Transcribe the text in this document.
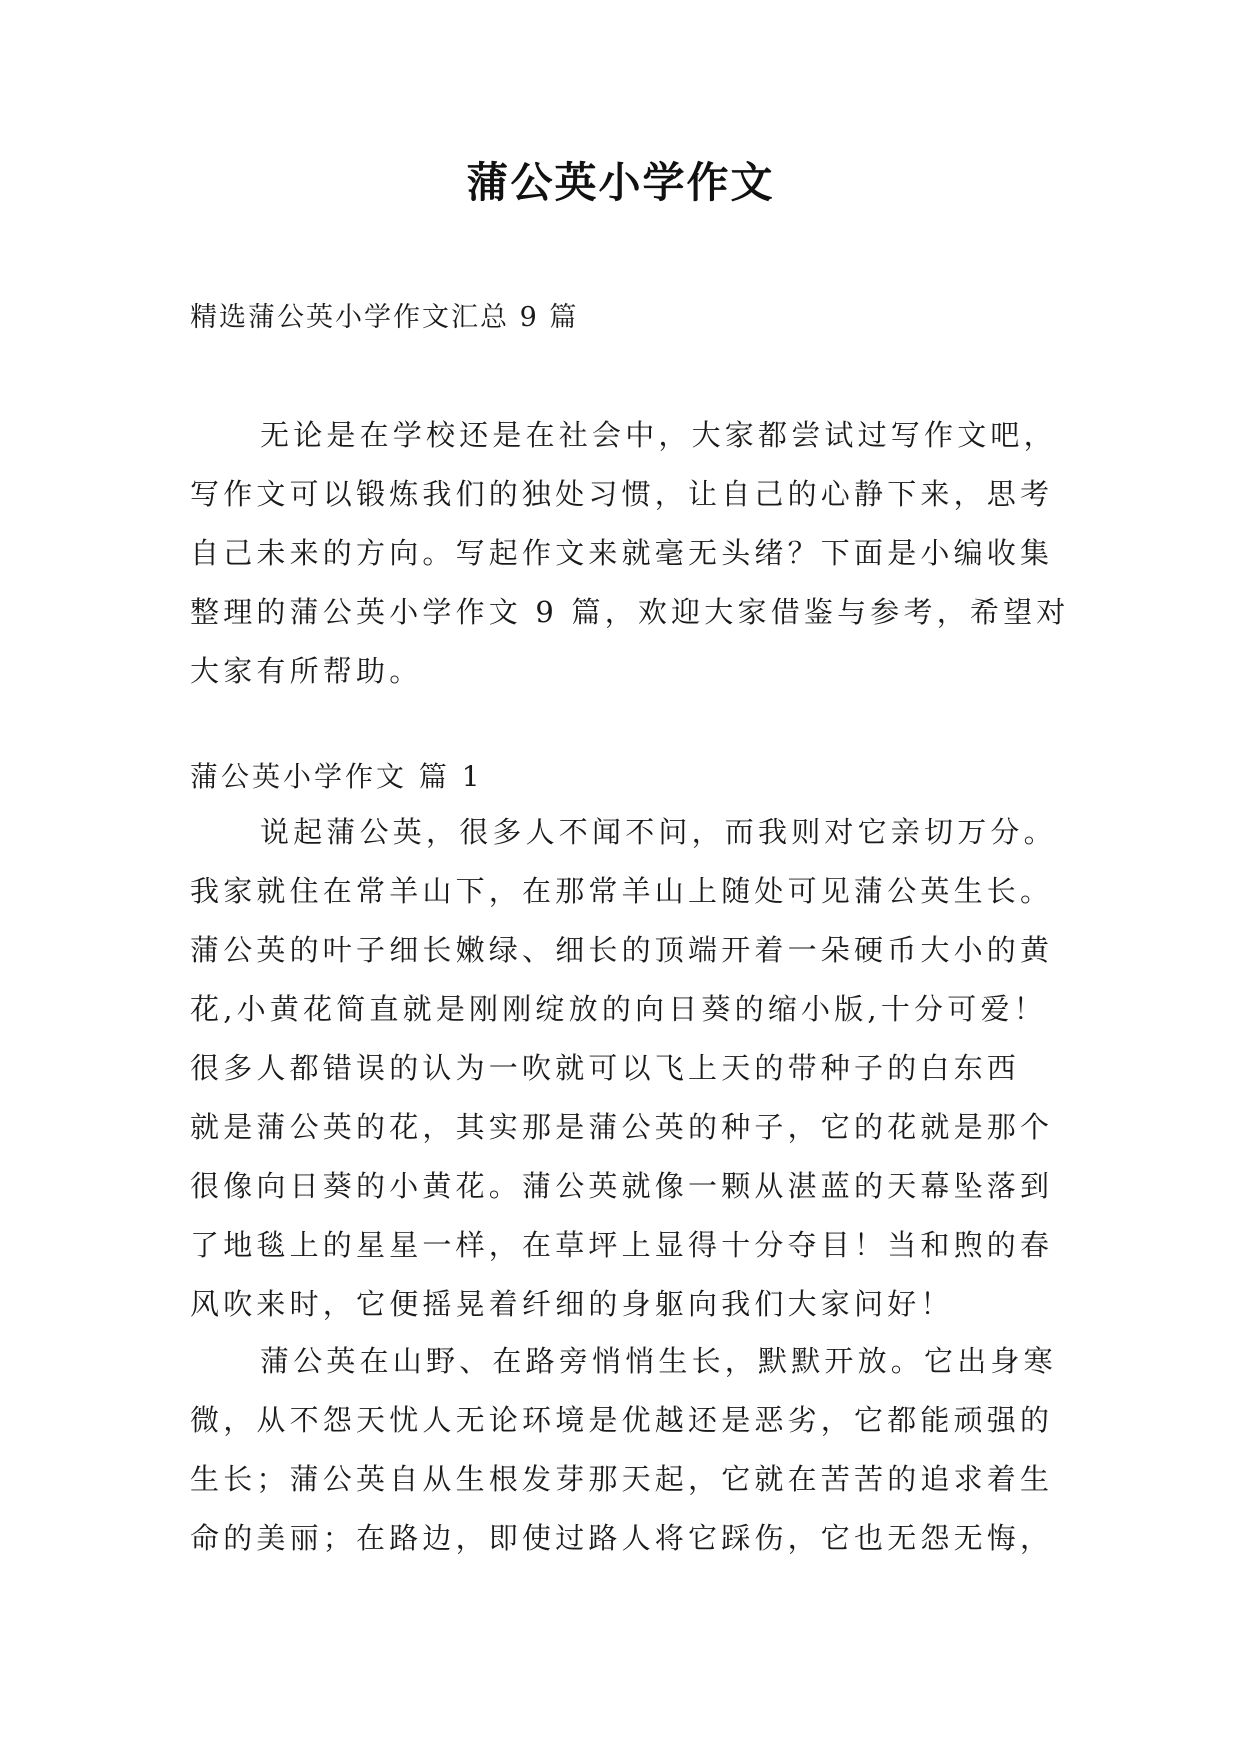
蒲公英小学作文
精选蒲公英小学作文汇总 9 篇
无论是在学校还是在社会中，大家都尝试过写作文吧，
写作文可以锻炼我们的独处习惯，让自己的心静下来，思考
自己未来的方向。写起作文来就毫无头绪？下面是小编收集
整理的蒲公英小学作文 9 篇，欢迎大家借鉴与参考，希望对
大家有所帮助。
蒲公英小学作文 篇 1
说起蒲公英，很多人不闻不问，而我则对它亲切万分。
我家就住在常羊山下，在那常羊山上随处可见蒲公英生长。
蒲公英的叶子细长嫩绿、细长的顶端开着一朵硬币大小的黄
花,小黄花简直就是刚刚绽放的向日葵的缩小版,十分可爱！
很多人都错误的认为一吹就可以飞上天的带种子的白东西
就是蒲公英的花，其实那是蒲公英的种子，它的花就是那个
很像向日葵的小黄花。蒲公英就像一颗从湛蓝的天幕坠落到
了地毯上的星星一样，在草坪上显得十分夺目！当和煦的春
风吹来时，它便摇晃着纤细的身躯向我们大家问好！
蒲公英在山野、在路旁悄悄生长，默默开放。它出身寒
微，从不怨天忧人无论环境是优越还是恶劣，它都能顽强的
生长；蒲公英自从生根发芽那天起，它就在苦苦的追求着生
命的美丽；在路边，即使过路人将它踩伤，它也无怨无悔，
